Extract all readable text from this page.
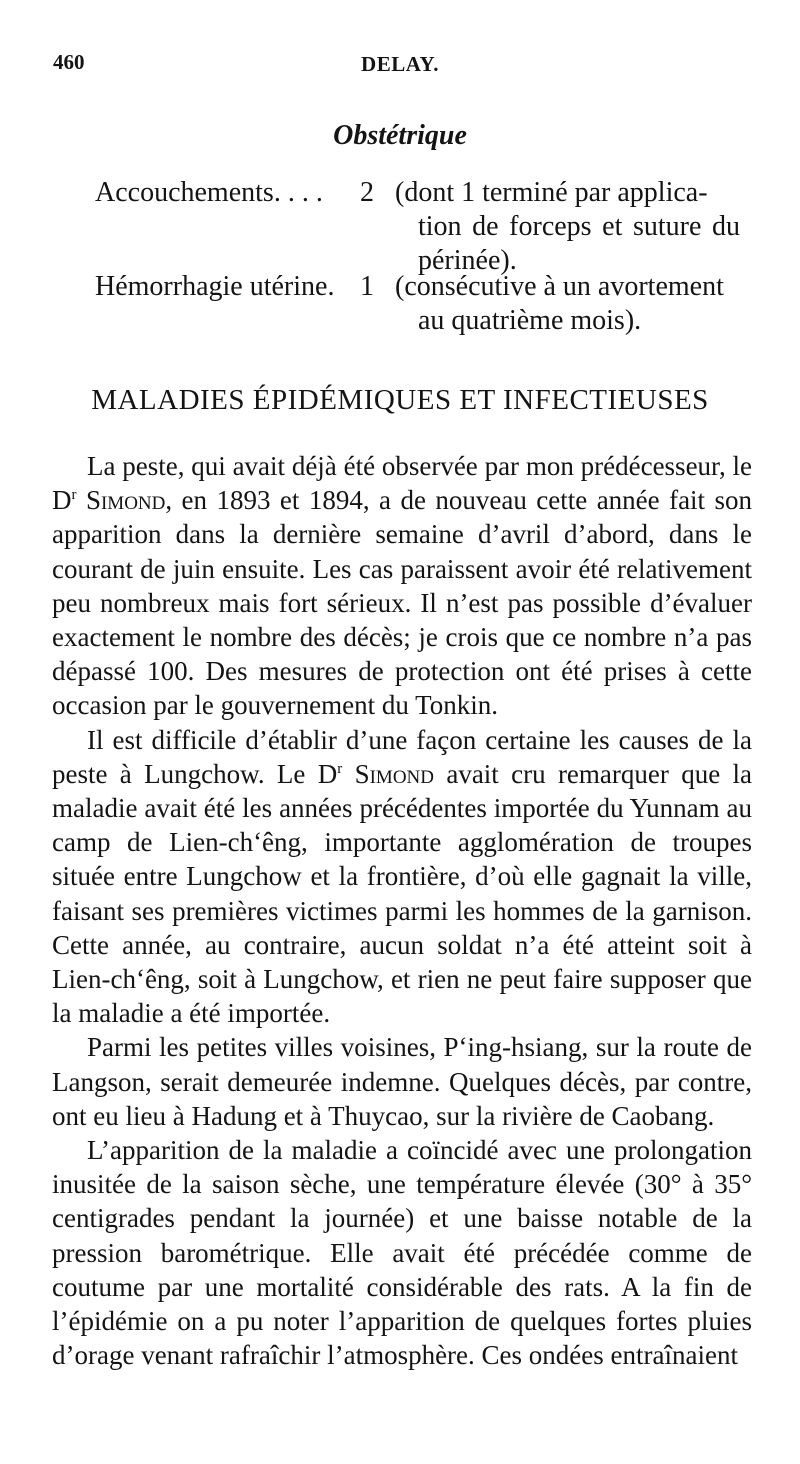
460	DELAY.
Obstétrique
Accouchements. . . . 2 (dont 1 terminé par applica-
tion de forceps et suture du périnée).
Hémorrhagie utérine. 1 (consécutive à un avortement
au quatrième mois).
MALADIES ÉPIDÉMIQUES ET INFECTIEUSES

La peste, qui avait déjà été observée par mon prédécesseur, le $D^r$ Simond, en 1893 et 1894, a de nouveau cette année fait son apparition dans la dernière semaine d’avril d’abord, dans le courant de juin ensuite. Les cas paraissent avoir été relativement peu nombreux mais fort sérieux. Il n’est pas possible d’évaluer exactement le nombre des décès; je crois que ce nombre n’a pas dépassé 100. Des mesures de protection ont été prises à cette occasion par le gouvernement du Tonkin.

Il est difficile d’établir d’une façon certaine les causes de la peste à Lungchow. Le $D^r$ Simond avait cru remarquer que la maladie avait été les années précédentes importée du Yunnam au camp de Lien-ch‘êng, importante agglomération de troupes située entre Lungchow et la frontière, d’où elle gagnait la ville, faisant ses premières victimes parmi les hommes de la garnison. Cette année, au contraire, aucun soldat n’a été atteint soit à Lien-ch‘êng, soit à Lungchow, et rien ne peut faire supposer que la maladie a été importée.

Parmi les petites villes voisines, P‘ing-hsiang, sur la route de Langson, serait demeurée indemne. Quelques décès, par contre, ont eu lieu à Hadung et à Thuycao, sur la rivière de Caobang.

L’apparition de la maladie a coïncidé avec une prolongation inusitée de la saison sèche, une température élevée (30° à 35° centigrades pendant la journée) et une baisse notable de la pression barométrique. Elle avait été précédée comme de coutume par une mortalité considérable des rats. A la fin de l’épidémie on a pu noter l’apparition de quelques fortes pluies d’orage venant rafraîchir l’atmosphère. Ces ondées entraînaient
